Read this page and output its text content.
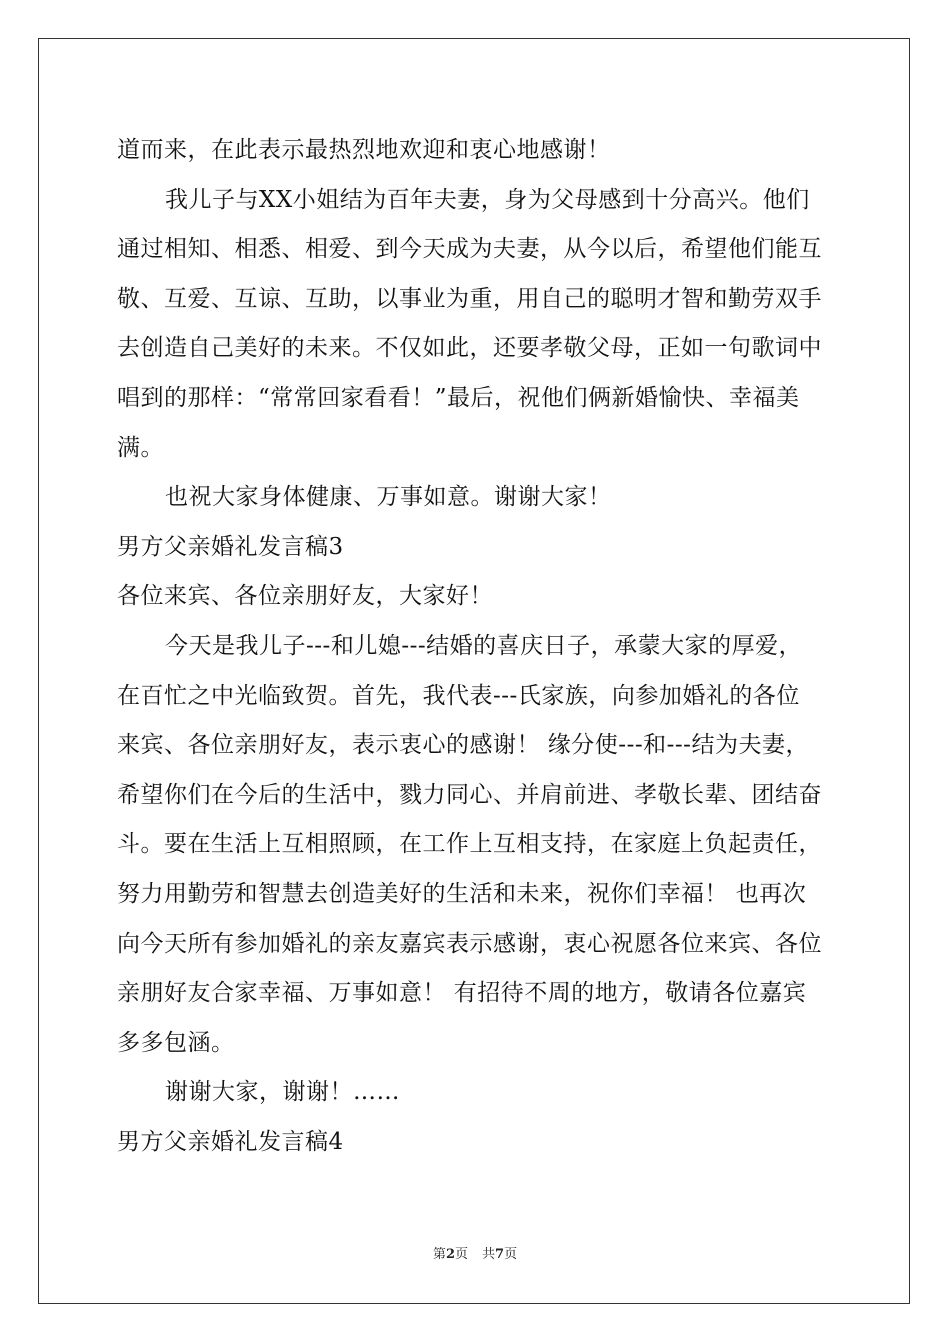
道而来，在此表示最热烈地欢迎和衷心地感谢！
我儿子与XX小姐结为百年夫妻，身为父母感到十分高兴。他们
通过相知、相悉、相爱、到今天成为夫妻，从今以后，希望他们能互
敬、互爱、互谅、互助，以事业为重，用自己的聪明才智和勤劳双手
去创造自己美好的未来。不仅如此，还要孝敬父母，正如一句歌词中
唱到的那样：“常常回家看看！”最后，祝他们俩新婚愉快、幸福美
满。
也祝大家身体健康、万事如意。谢谢大家！
男方父亲婚礼发言稿3
各位来宾、各位亲朋好友，大家好！
今天是我儿子---和儿媳---结婚的喜庆日子，承蒙大家的厚爱，
在百忙之中光临致贺。首先，我代表---氏家族，向参加婚礼的各位
来宾、各位亲朋好友，表示衷心的感谢！ 缘分使---和---结为夫妻，
希望你们在今后的生活中，戮力同心、并肩前进、孝敬长辈、团结奋
斗。要在生活上互相照顾，在工作上互相支持，在家庭上负起责任，
努力用勤劳和智慧去创造美好的生活和未来，祝你们幸福！ 也再次
向今天所有参加婚礼的亲友嘉宾表示感谢，衷心祝愿各位来宾、各位
亲朋好友合家幸福、万事如意！ 有招待不周的地方，敬请各位嘉宾
多多包涵。
谢谢大家，谢谢！……
男方父亲婚礼发言稿4
第2页 共7页
